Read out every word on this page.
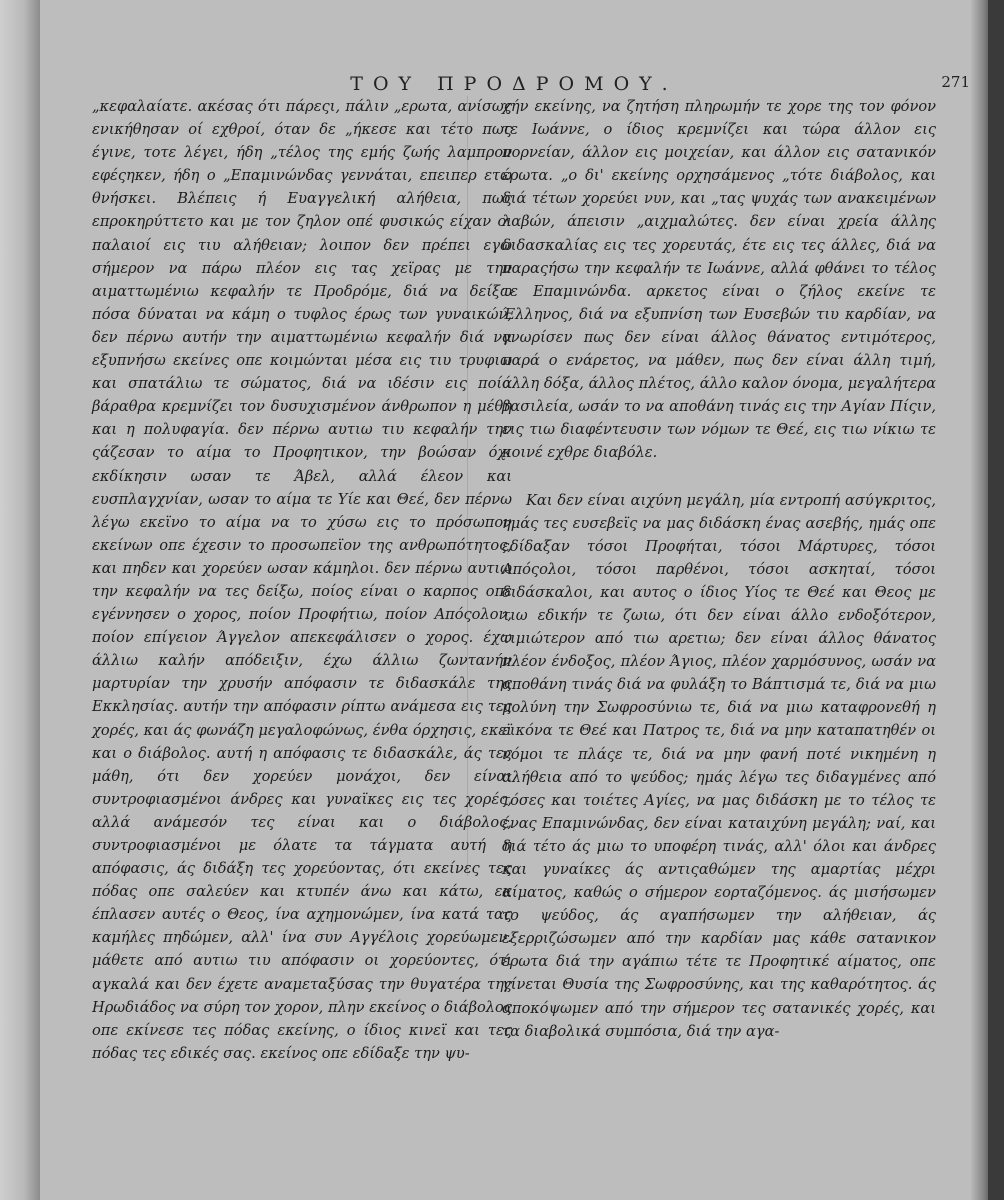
ΤΟΥ ΠΡΟΔΡΟΜΟΥ.	271

„κεφαλαίατε. ακέσας ότι πάρεςι, πάλιν „ερωτα, ανίσως ενικήθησαν οί εχθροί, όταν δε „ήκεσε και τέτο πως έγινε, τοτε λέγει, ήδη „τέλος της εμής ζωής λαμπρον εφέςηκεν, ήδη ο „Επαμινώνδας γεννάται, επειπερ ετω θνήσκει. Βλέπεις ή Ευαγγελική αλήθεια, πως επροκηρύττετο και με τον ζηλον οπέ φυσικώς είχαν οι παλαιοί εις τιυ αλήθειαν; λοιπον δεν πρέπει εγω σήμερον να πάρω πλέον εις τας χεϊρας με την αιματτωμένιω κεφαλήν τε Προδρόμε, διά να δείξω πόσα δύναται να κάμη ο τυφλος έρως των γυναικών, δεν πέρνω αυτήν την αιματτωμένιω κεφαλήν διά να εξυπνήσω εκείνες οπε κοιμώνται μέσα εις τιυ τρυφιω και σπατάλιω τε σώματος, διά να ιδέσιν εις ποία βάραθρα κρεμνίζει τον δυσυχισμένον άνθρωπον η μέθη και η πολυφαγία. δεν πέρνω αυτιω τιυ κεφαλήν την ςάζεσαν το αίμα το Προφητικον, την βοώσαν όχι εκδίκησιν ωσαν τε Άβελ, αλλά έλεον και ευσπλαγχνίαν, ωσαν το αίμα τε Υίε και Θεέ, δεν πέρνω λέγω εκεϊνο το αίμα να το χύσω εις το πρόσωπον εκείνων οπε έχεσιν το προσωπεϊον της ανθρωπότητος, και πηδεν και χορεύεν ωσαν κάμηλοι. δεν πέρνω αυτιω την κεφαλήν να τες δείξω, ποίος είναι ο καρπος οπε εγέννησεν ο χορος, ποίον Προφήτιω, ποίον Απόςολον, ποίον επίγειον Άγγελον απεκεφάλισεν ο χορος. έχω άλλιω καλήν απόδειξιν, έχω άλλιω ζωντανήν μαρτυρίαν την χρυσήν απόφασιν τε διδασκάλε της Εκκλησίας. αυτήν την απόφασιν ρίπτω ανάμεσα εις τες χορές, και άς φωνάζη μεγαλοφώνως, ένθα όρχησις, εκεϊ και ο διάβολος. αυτή η απόφασις τε διδασκάλε, άς τες μάθη, ότι δεν χορεύεν μονάχοι, δεν είναι συντροφιασμένοι άνδρες και γυναϊκες εις τες χορές, αλλά ανάμεσόν τες είναι και ο διάβολος, συντροφιασμένοι με όλατε τα τάγματα αυτή η απόφασις, άς διδάξη τες χορεύοντας, ότι εκείνες τες πόδας οπε σαλεύεν και κτυπέν άνω και κάτω, εκ έπλασεν αυτές ο Θεος, ίνα αχημονώμεν, ίνα κατά τας καμήλες πηδώμεν, αλλ' ίνα συν Αγγέλοις χορεύωμεν. μάθετε από αυτιω τιυ απόφασιν οι χορεύοντες, ότι αγκαλά και δεν έχετε αναμεταξύσας την θυγατέρα της Ηρωδιάδος να σύρη τον χορον, πλην εκείνος ο διάβολος οπε εκίνεσε τες πόδας εκείνης, ο ίδιος κινεϊ και τες πόδας τες εδικές σας. εκείνος οπε εδίδαξε την ψυ-

χήν εκείνης, να ζητήση πληρωμήν τε χορε της τον φόνον τε Ιωάννε, ο ίδιος κρεμνίζει και τώρα άλλον εις πορνείαν, άλλον εις μοιχείαν, και άλλον εις σατανικόν έρωτα. „ο δι' εκείνης ορχησάμενος „τότε διάβολος, και διά τέτων χορεύει νυν, και „τας ψυχάς των ανακειμένων λαβών, άπεισιν „αιχμαλώτες. δεν είναι χρεία άλλης διδασκαλίας εις τες χορευτάς, έτε εις τες άλλες, διά να παραςήσω την κεφαλήν τε Ιωάννε, αλλά φθάνει το τέλος τε Επαμινώνδα. αρκετος είναι ο ζήλος εκείνε τε Έλληνος, διά να εξυπνίση των Ευσεβών τιυ καρδίαν, να γνωρίσεν πως δεν είναι άλλος θάνατος εντιμότερος, παρά ο ενάρετος, να μάθεν, πως δεν είναι άλλη τιμή, άλλη δόξα, άλλος πλέτος, άλλο καλον όνομα, μεγαλήτερα βασιλεία, ωσάν το να αποθάνη τινάς εις την Αγίαν Πίςιν, εις τιω διαφέντευσιν των νόμων τε Θεέ, εις τιω νίκιω τε κοινέ εχθρε διαβόλε.

Και δεν είναι αιχύνη μεγάλη, μία εντροπή ασύγκριτος, ημάς τες ευσεβεϊς να μας διδάσκη ένας ασεβής, ημάς οπε εδίδαξαν τόσοι Προφήται, τόσοι Μάρτυρες, τόσοι Απόςολοι, τόσοι παρθένοι, τόσοι ασκηταί, τόσοι διδάσκαλοι, και αυτος ο ίδιος Υίος τε Θεέ και Θεος με τιω εδικήν τε ζωιω, ότι δεν είναι άλλο ενδοξότερον, τιμιώτερον από τιω αρετιω; δεν είναι άλλος θάνατος πλέον ένδοξος, πλέον Άγιος, πλέον χαρμόσυνος, ωσάν να αποθάνη τινάς διά να φυλάξη το Βάπτισμά τε, διά να μιω μολύνη την Σωφροσύνιω τε, διά να μιω καταφρονεθή η εικόνα τε Θεέ και Πατρος τε, διά να μην καταπατηθέν οι νόμοι τε πλάςε τε, διά να μην φανή ποτέ νικημένη η αλήθεια από το ψεύδος; ημάς λέγω τες διδαγμένες από τόσες και τοιέτες Αγίες, να μας διδάσκη με το τέλος τε ένας Επαμινώνδας, δεν είναι καταιχύνη μεγάλη; ναί, και διά τέτο άς μιω το υποφέρη τινάς, αλλ' όλοι και άνδρες και γυναίκες άς αντιςαθώμεν της αμαρτίας μέχρι αίματος, καθώς ο σήμερον εορταζόμενος. άς μισήσωμεν το ψεύδος, άς αγαπήσωμεν την αλήθειαν, άς εξερριζώσωμεν από την καρδίαν μας κάθε σατανικον έρωτα διά την αγάπιω τέτε τε Προφητικέ αίματος, οπε γίνεται Θυσία της Σωφροσύνης, και της καθαρότητος. άς αποκόψωμεν από την σήμερον τες σατανικές χορές, και τα διαβολικά συμπόσια, διά την αγα-
